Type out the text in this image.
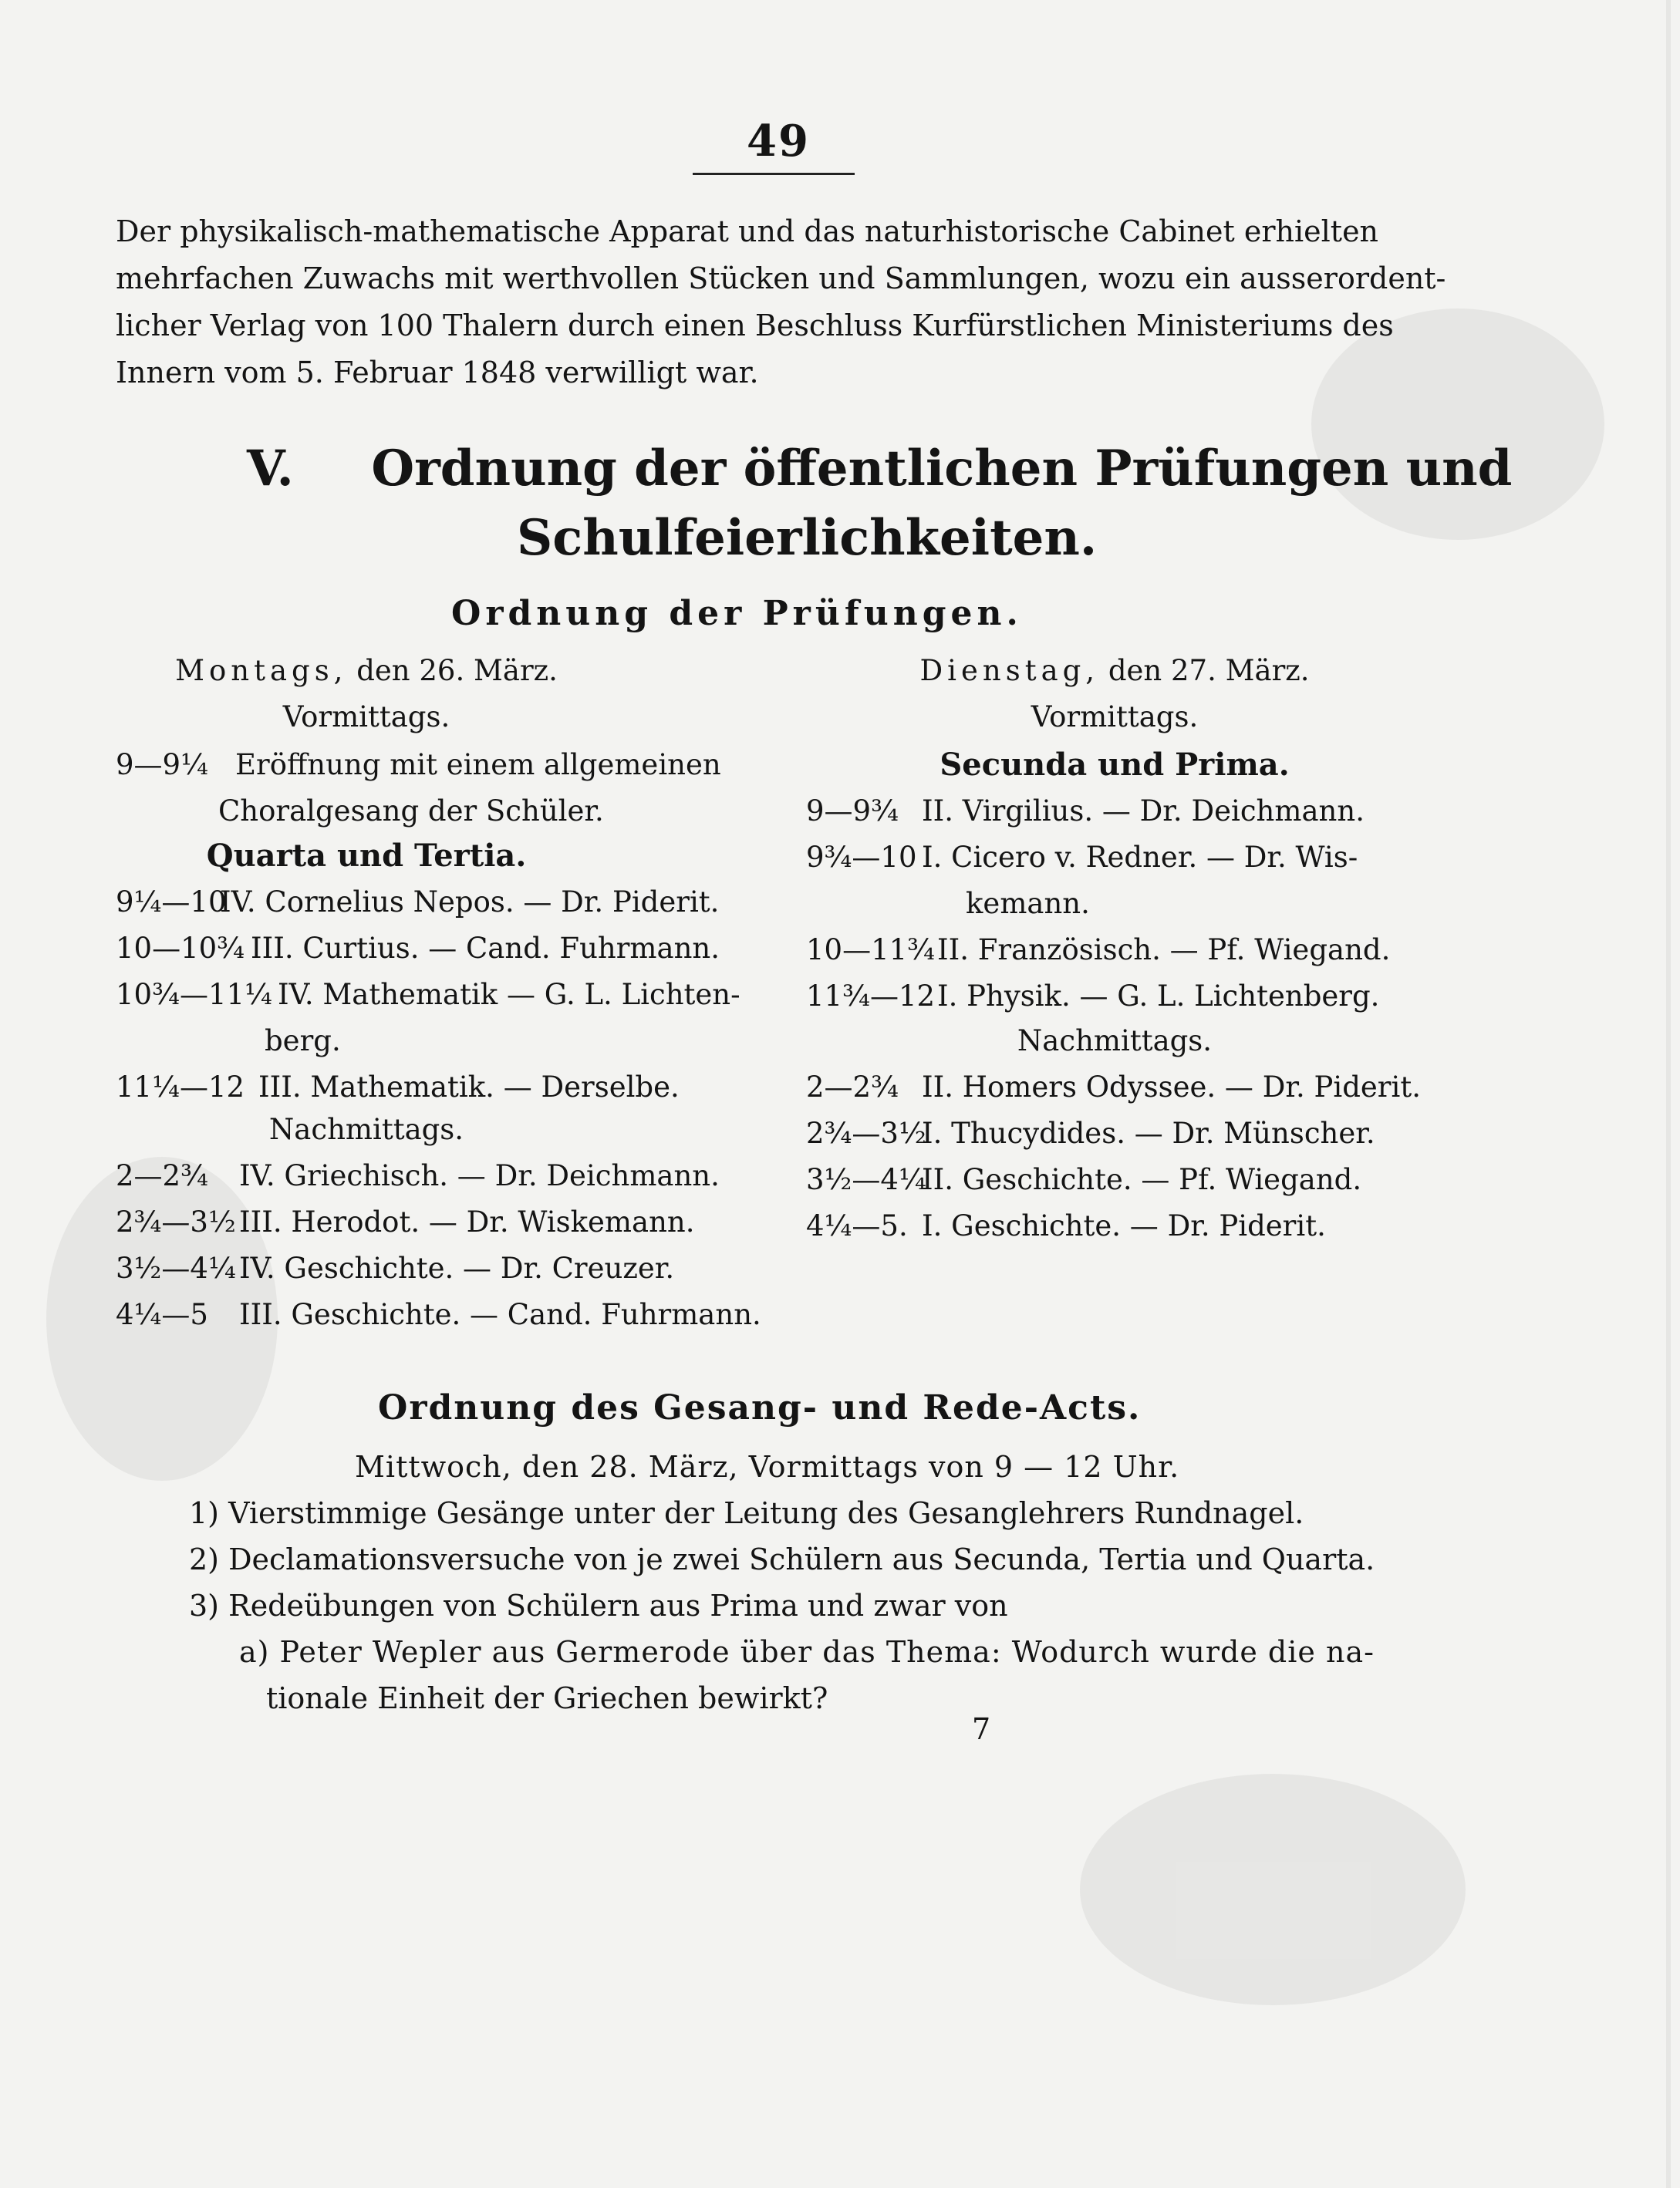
49
Der physikalisch-mathematische Apparat und das naturhistorische Cabinet erhielten
mehrfachen Zuwachs mit werthvollen Stücken und Sammlungen, wozu ein ausserordent-
licher Verlag von 100 Thalern durch einen Beschluss Kurfürstlichen Ministeriums des
Innern vom 5. Februar 1848 verwilligt war.
V. Ordnung der öffentlichen Prüfungen und
Schulfeierlichkeiten.
Ordnung der Prüfungen.
Montags, den 26. März.
Vormittags.
9—9¼ Eröffnung mit einem allgemeinen
Choralgesang der Schüler.
Quarta und Tertia.
9¼—10IV. Cornelius Nepos. — Dr. Piderit.
10—10¾ III. Curtius. — Cand. Fuhrmann.
10¾—11¼ IV. Mathematik — G. L. Lichten-
berg.
11¼—12 III. Mathematik. — Derselbe.
Nachmittags.
2—2¾ IV. Griechisch. — Dr. Deichmann.
2¾—3½ III. Herodot. — Dr. Wiskemann.
3½—4¼ IV. Geschichte. — Dr. Creuzer.
4¼—5 III. Geschichte. — Cand. Fuhrmann.
Dienstag, den 27. März.
Vormittags.
Secunda und Prima.
9—9¾ II. Virgilius. — Dr. Deichmann.
9¾—10 I. Cicero v. Redner. — Dr. Wis-
kemann.
10—11¾II. Französisch. — Pf. Wiegand.
11¾—12I. Physik. — G. L. Lichtenberg.
Nachmittags.
2—2¾ II. Homers Odyssee. — Dr. Piderit.
2¾—3½I. Thucydides. — Dr. Münscher.
3½—4¼II. Geschichte. — Pf. Wiegand.
4¼—5. I. Geschichte. — Dr. Piderit.
Ordnung des Gesang- und Rede-Acts.
Mittwoch, den 28. März, Vormittags von 9 — 12 Uhr.
1) Vierstimmige Gesänge unter der Leitung des Gesanglehrers Rundnagel.
2) Declamationsversuche von je zwei Schülern aus Secunda, Tertia und Quarta.
3) Redeübungen von Schülern aus Prima und zwar von
a) Peter Wepler aus Germerode über das Thema: Wodurch wurde die na-
tionale Einheit der Griechen bewirkt?
7
